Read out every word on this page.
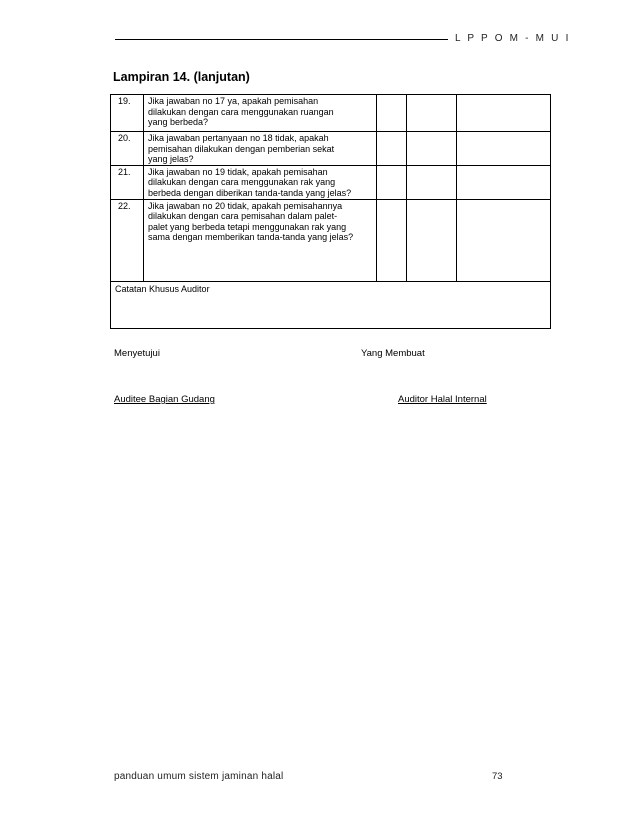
L P P O M - M U I
Lampiran 14. (lanjutan)
19.	Jika jawaban no 17 ya, apakah pemisahan
dilakukan dengan cara menggunakan ruangan
yang berbeda?			
20.	Jika jawaban pertanyaan no 18 tidak, apakah
pemisahan dilakukan dengan pemberian sekat
yang jelas?			
21.	Jika jawaban no 19 tidak, apakah pemisahan
dilakukan dengan cara menggunakan rak yang
berbeda dengan diberikan tanda-tanda yang jelas?			
22.	Jika jawaban no 20 tidak, apakah pemisahannya
dilakukan dengan cara pemisahan dalam palet-
palet yang berbeda tetapi menggunakan rak yang
sama dengan memberikan tanda-tanda yang jelas?			
Catatan Khusus Auditor				
Menyetujui	Yang Membuat
Auditee Bagian Gudang	Auditor Halal Internal
panduan umum sistem jaminan halal	73
